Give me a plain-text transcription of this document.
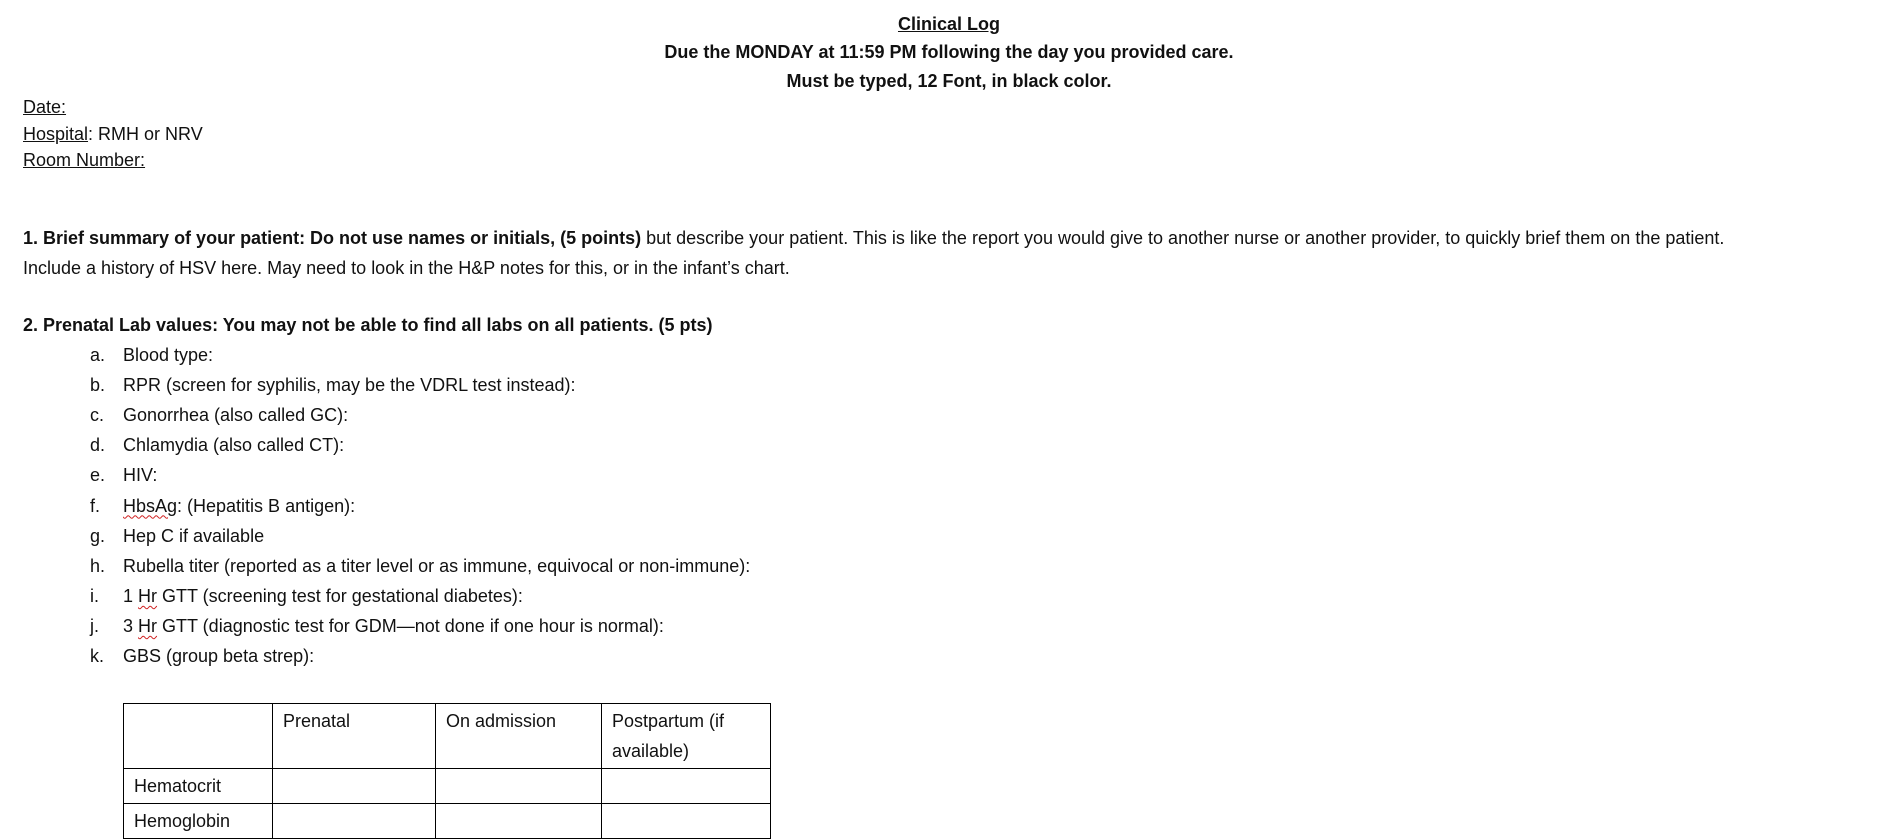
Clinical Log
Due the MONDAY at 11:59 PM following the day you provided care.
Must be typed, 12 Font, in black color.
Date:
Hospital: RMH or NRV
Room Number:
1. Brief summary of your patient: Do not use names or initials, (5 points) but describe your patient. This is like the report you would give to another nurse or another provider, to quickly brief them on the patient.
Include a history of HSV here. May need to look in the H&P notes for this, or in the infant’s chart.
2. Prenatal Lab values: You may not be able to find all labs on all patients. (5 pts)
a. Blood type:
b. RPR (screen for syphilis, may be the VDRL test instead):
c. Gonorrhea (also called GC):
d. Chlamydia (also called CT):
e. HIV:
f. HbsAg: (Hepatitis B antigen):
g. Hep C if available
h. Rubella titer (reported as a titer level or as immune, equivocal or non-immune):
i. 1 Hr GTT (screening test for gestational diabetes):
j. 3 Hr GTT (diagnostic test for GDM—not done if one hour is normal):
k. GBS (group beta strep):
	Prenatal	On admission	Postpartum (if available)
Hematocrit			
Hemoglobin			
